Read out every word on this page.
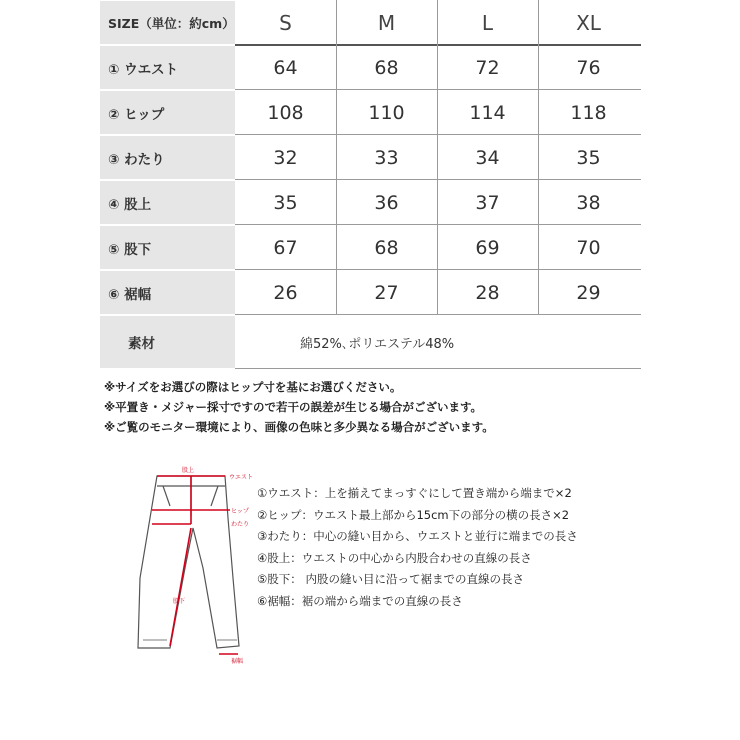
SIZE（単位：約cm）	S	M	L	XL
① ウエスト	64	68	72	76
② ヒップ	108	110	114	118
③ わたり	32	33	34	35
④ 股上	35	36	37	38
⑤ 股下	67	68	69	70
⑥ 裾幅	26	27	28	29
素材	綿52%､ポリエステル48%
※サイズをお選びの際はヒップ寸を基にお選びください。
※平置き・メジャー採寸ですので若干の誤差が生じる場合がございます。
※ご覧のモニター環境により、画像の色味と多少異なる場合がございます。
股上
ウエスト
ヒップ
わたり
股下
裾幅
①ウエスト：上を揃えてまっすぐにして置き端から端まで×2
②ヒップ：ウエスト最上部から15cm下の部分の横の長さ×2
③わたり：中心の縫い目から、ウエストと並行に端までの長さ
④股上：ウエストの中心から内股合わせの直線の長さ
⑤股下： 内股の縫い目に沿って裾までの直線の長さ
⑥裾幅：裾の端から端までの直線の長さ
